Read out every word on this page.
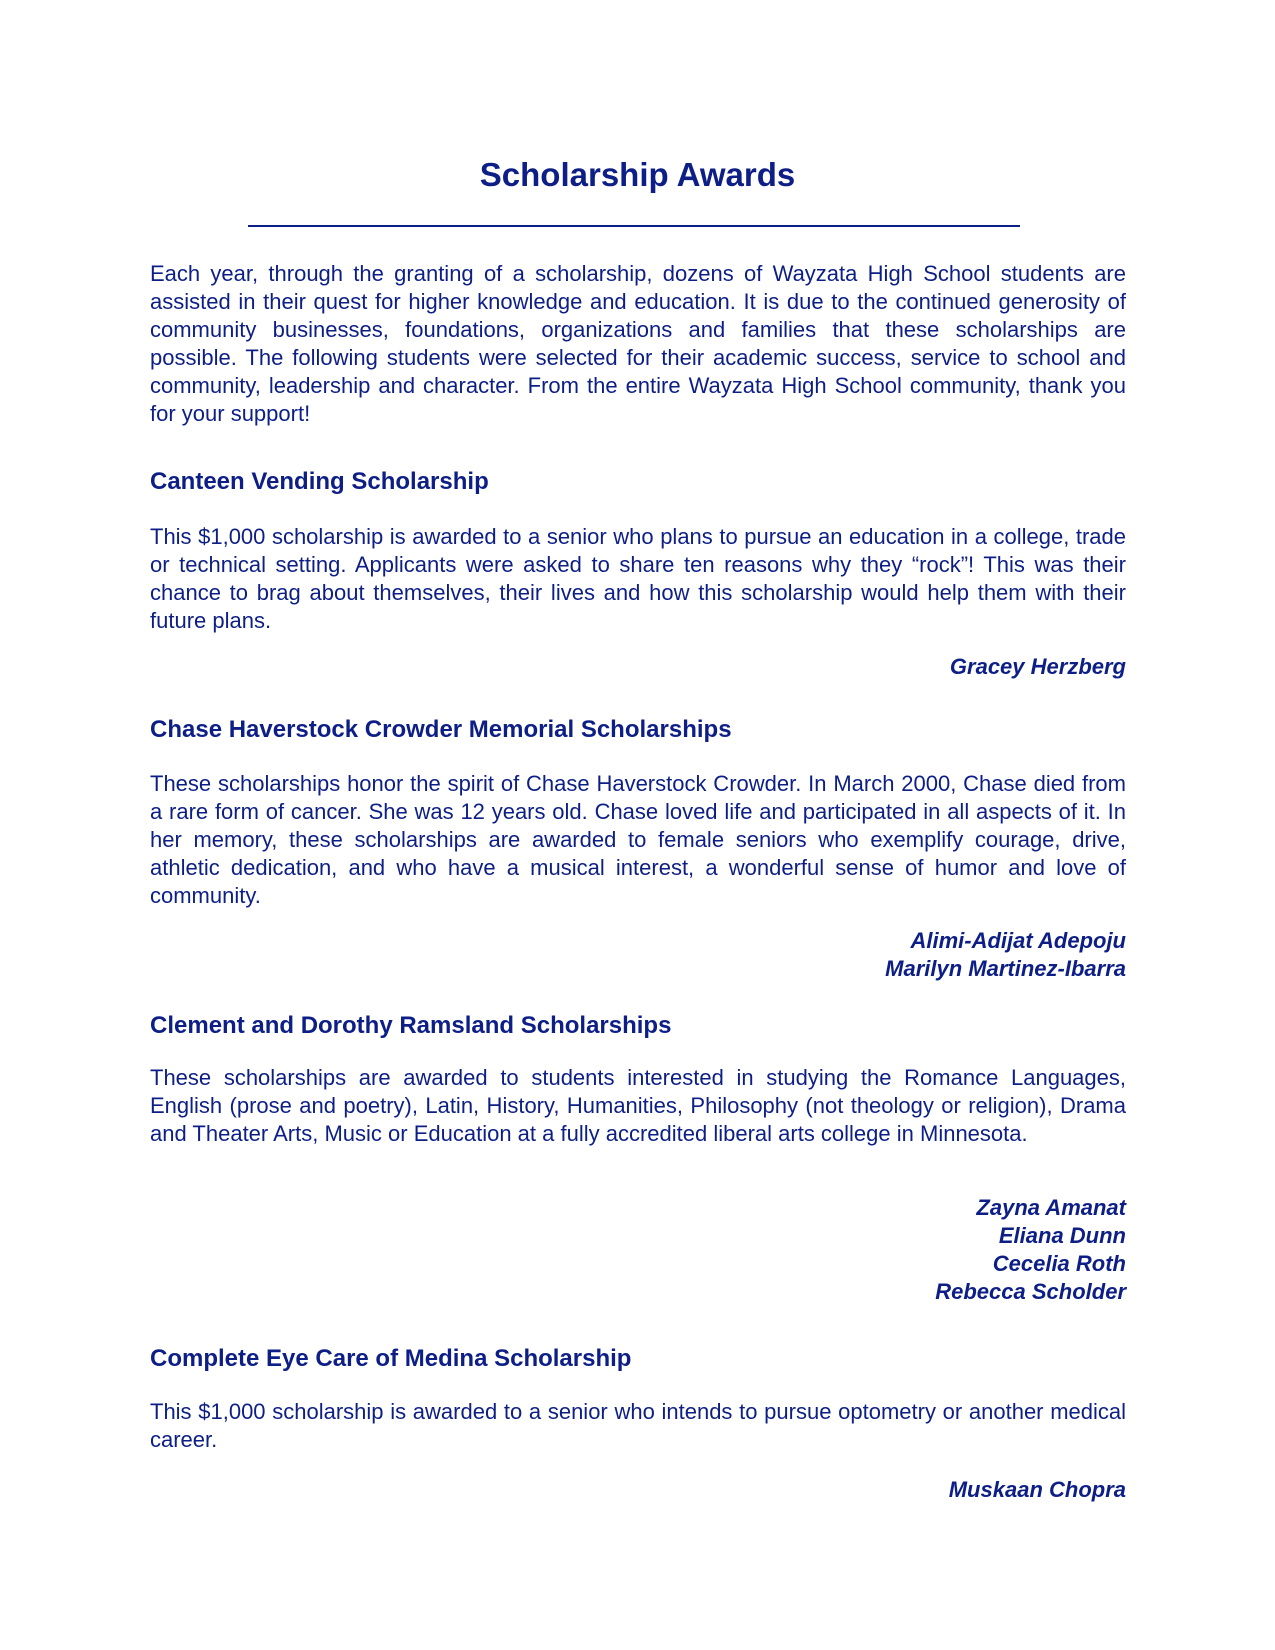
Scholarship Awards

Each year, through the granting of a scholarship, dozens of Wayzata High School students are assisted in their quest for higher knowledge and education. It is due to the continued generosity of community businesses, foundations, organizations and families that these scholarships are possible. The following students were selected for their academic success, service to school and community, leadership and character. From the entire Wayzata High School community, thank you for your support!

Canteen Vending Scholarship

This $1,000 scholarship is awarded to a senior who plans to pursue an education in a college, trade or technical setting. Applicants were asked to share ten reasons why they “rock”! This was their chance to brag about themselves, their lives and how this scholarship would help them with their future plans.

Gracey Herzberg
Chase Haverstock Crowder Memorial Scholarships

These scholarships honor the spirit of Chase Haverstock Crowder. In March 2000, Chase died from a rare form of cancer. She was 12 years old. Chase loved life and participated in all aspects of it. In her memory, these scholarships are awarded to female seniors who exemplify courage, drive, athletic dedication, and who have a musical interest, a wonderful sense of humor and love of community.

Alimi-Adijat Adepoju
Marilyn Martinez-Ibarra
Clement and Dorothy Ramsland Scholarships

These scholarships are awarded to students interested in studying the Romance Languages, English (prose and poetry), Latin, History, Humanities, Philosophy (not theology or religion), Drama and Theater Arts, Music or Education at a fully accredited liberal arts college in Minnesota.

Zayna Amanat
Eliana Dunn
Cecelia Roth
Rebecca Scholder
Complete Eye Care of Medina Scholarship

This $1,000 scholarship is awarded to a senior who intends to pursue optometry or another medical career.

Muskaan Chopra
